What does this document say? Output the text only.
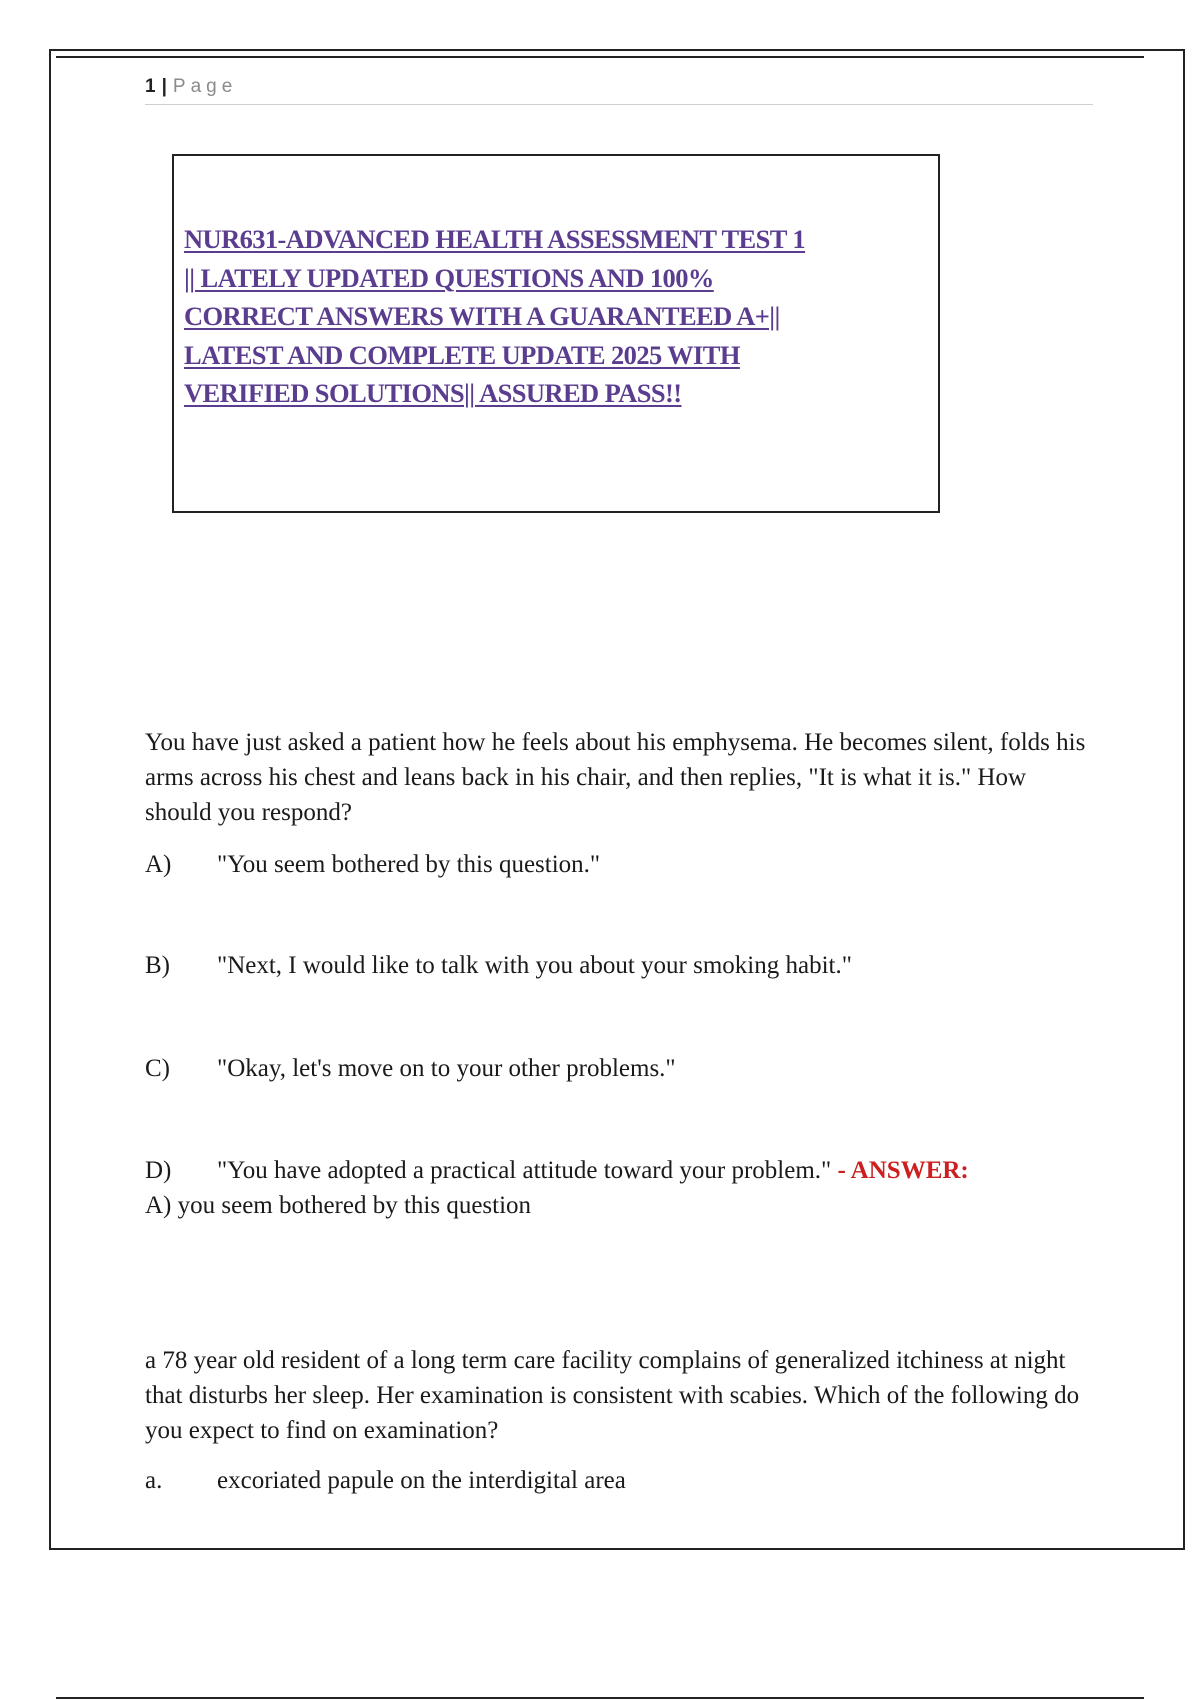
1 | Page
NUR631-ADVANCED HEALTH ASSESSMENT TEST 1
|| LATELY UPDATED QUESTIONS AND 100%
CORRECT ANSWERS WITH A GUARANTEED A+||
LATEST AND COMPLETE UPDATE 2025 WITH
VERIFIED SOLUTIONS|| ASSURED PASS!!

You have just asked a patient how he feels about his emphysema. He becomes silent, folds his arms across his chest and leans back in his chair, and then replies, "It is what it is." How should you respond?

A)	"You seem bothered by this question."
B)	"Next, I would like to talk with you about your smoking habit."
C)	"Okay, let's move on to your other problems."
D)	"You have adopted a practical attitude toward your problem." - ANSWER:

A) you seem bothered by this question

a 78 year old resident of a long term care facility complains of generalized itchiness at night that disturbs her sleep. Her examination is consistent with scabies. Which of the following do you expect to find on examination?

a.	excoriated papule on the interdigital area
